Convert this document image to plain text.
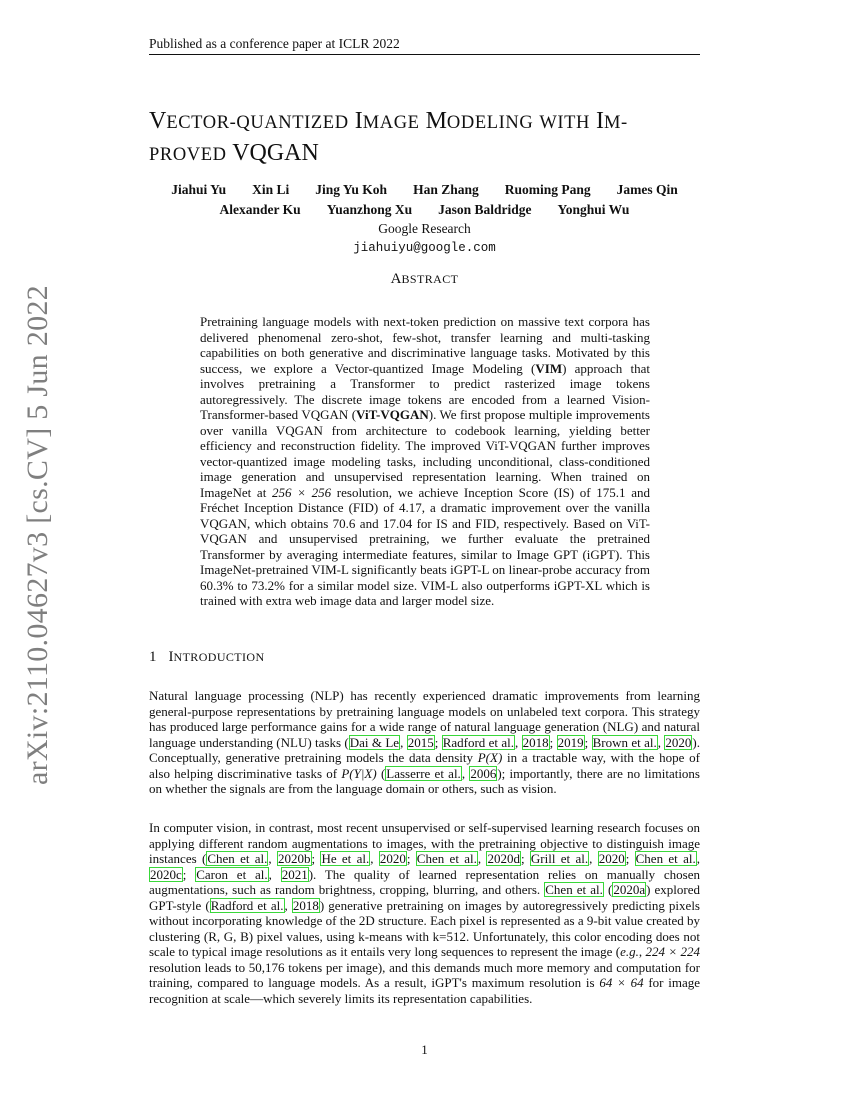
Published as a conference paper at ICLR 2022
arXiv:2110.04627v3 [cs.CV] 5 Jun 2022
VECTOR-QUANTIZED IMAGE MODELING WITH IM-
PROVED VQGAN
Jiahui Yu	Xin Li	Jing Yu Koh	Han Zhang	Ruoming Pang	James Qin
Alexander Ku	Yuanzhong Xu	Jason Baldridge	Yonghui Wu
Google Research
jiahuiyu@google.com
ABSTRACT

Pretraining language models with next-token prediction on massive text corpora has delivered phenomenal zero-shot, few-shot, transfer learning and multi-tasking capabilities on both generative and discriminative language tasks. Motivated by this success, we explore a Vector-quantized Image Modeling (VIM) approach that involves pretraining a Transformer to predict rasterized image tokens autoregressively. The discrete image tokens are encoded from a learned Vision-Transformer-based VQGAN (ViT-VQGAN). We first propose multiple improvements over vanilla VQGAN from architecture to codebook learning, yielding better efficiency and reconstruction fidelity. The improved ViT-VQGAN further improves vector-quantized image modeling tasks, including unconditional, class-conditioned image generation and unsupervised representation learning. When trained on ImageNet at 256 × 256 resolution, we achieve Inception Score (IS) of 175.1 and Fréchet Inception Distance (FID) of 4.17, a dramatic improvement over the vanilla VQGAN, which obtains 70.6 and 17.04 for IS and FID, respectively. Based on ViT-VQGAN and unsupervised pretraining, we further evaluate the pretrained Transformer by averaging intermediate features, similar to Image GPT (iGPT). This ImageNet-pretrained VIM-L significantly beats iGPT-L on linear-probe accuracy from 60.3% to 73.2% for a similar model size. VIM-L also outperforms iGPT-XL which is trained with extra web image data and larger model size.

1 INTRODUCTION

Natural language processing (NLP) has recently experienced dramatic improvements from learning general-purpose representations by pretraining language models on unlabeled text corpora. This strategy has produced large performance gains for a wide range of natural language generation (NLG) and natural language understanding (NLU) tasks (Dai & Le, 2015; Radford et al., 2018; 2019; Brown et al., 2020). Conceptually, generative pretraining models the data density P(X) in a tractable way, with the hope of also helping discriminative tasks of P(Y|X) (Lasserre et al., 2006); importantly, there are no limitations on whether the signals are from the language domain or others, such as vision.

In computer vision, in contrast, most recent unsupervised or self-supervised learning research focuses on applying different random augmentations to images, with the pretraining objective to distinguish image instances (Chen et al., 2020b; He et al., 2020; Chen et al., 2020d; Grill et al., 2020; Chen et al., 2020c; Caron et al., 2021). The quality of learned representation relies on manually chosen augmentations, such as random brightness, cropping, blurring, and others. Chen et al. (2020a) explored GPT-style (Radford et al., 2018) generative pretraining on images by autoregressively predicting pixels without incorporating knowledge of the 2D structure. Each pixel is represented as a 9-bit value created by clustering (R, G, B) pixel values, using k-means with k=512. Unfortunately, this color encoding does not scale to typical image resolutions as it entails very long sequences to represent the image (e.g., 224 × 224 resolution leads to 50,176 tokens per image), and this demands much more memory and computation for training, compared to language models. As a result, iGPT's maximum resolution is 64 × 64 for image recognition at scale—which severely limits its representation capabilities.

1
